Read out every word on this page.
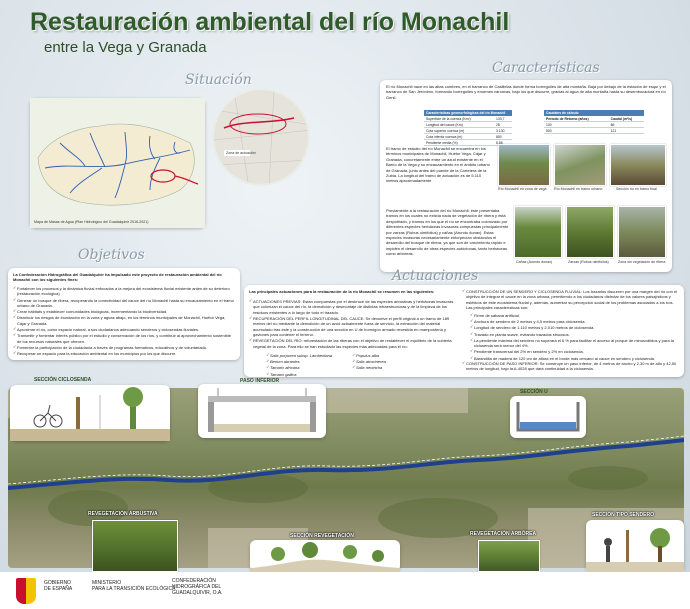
Restauración ambiental del río Monachil
entre la Vega y Granada
Situación
Mapa de Masas de Agua (Plan Hidrológico del Guadalquivir 2016-2021)
Zona de actuación
Características
El río Monachil nace en las altas cumbres, en el barranco de Casillelas donde forma borreguiles de alta montaña. Baja por debajo de la estación de esquí y el barranco de San Jerónimo, formando borreguiles y enormes cárcavas, bajo los que discurre, gracias al agua de alta montaña hasta su desembocadura en río Genil.
Características geomorfológicas del río Monachil	
Superficie de la cuenca (Km²)	133,7
Longitud del cauce (Km)	28
Cota superior cuenca (m)	3.130
Cota inferior cuenca (m)	650
Pendiente media (%)	8,86
Caudales de cálculo	
Periodo de Retorno (años)	Caudal (m³/s)
100	86
500	121
El tramo de estudio del río Monachil se encuentra en los términos municipales de Monachil, Huétor Vega, Cájar y Granada, concretamente entre un azud existente en el Barrio de la Vega y su encauzamiento en el ámbito urbano de Granada, junto antes del puente de la Carretera de la Zubia. La longitud del tramo de actuación es de 5.110 metros aproximadamente
Río Monachil en zona de vega Río Monachil en tramo urbano	Sección río en tramo final
Previamente a la restauración del río Monachil, éste presentaba tramos en los cuales no existía nada de vegetación de ribera y está despoblado, y tramos en los que el río se encontraba colonizado por diferentes especies herbáceas invasoras compuestas principalmente por zarzas (Rubus ulmifolius) y cañas (Arundo donax). Estas especies invasoras necesariamente entorpecían obstáculos el desarrollo del bosque de ribera, ya que son de crecimiento rápido e impiden el desarrollo de otras especies autóctonas, tanto herbáceas como arbóreas.
Cañas (Arundo donax)	Zarzas (Rubus ulmifolius)	Zona sin vegetación de ribera
Objetivos
La Confederación Hidrográfica del Guadalquivir ha impulsado este proyecto de restauración ambiental del río Monachil con los siguientes fines:
✓ Fortalecer los procesos y la dinámica fluvial enfocados a la mejora del ecosistema fluvial existente antes de su deterioro (restauración ecológica)
✓ Generar un bosque de ribera, recuperando la conectividad del cauce del río Monachil hasta su encauzamiento en el tramo urbano de Granada.
✓ Crear hábitats y establecer comunidades biológicas, incrementando la biodiversidad.
✓ Disminuir los riesgos de inundación en la zona y aguas abajo, en los términos municipales de Monachil, Huétor Vega, Cájar y Granada.
✓ Aproximar el río, como espacio natural, a sus ciudadanos adecuando senderos y ciclosendas fluviales.
✓ Transmitir y fomentar interés público por el estudio y conservación de los ríos, y contribuir al aprovechamiento sostenible de los recursos naturales que ofrecen.
✓ Fomentar la participación de la ciudadanía a través de programas formativos, educativos y de voluntariado.
✓ Recuperar un espacio para la educación ambiental en los municipios por los que discurre.
Actuaciones
Las principales actuaciones para la restauración de la río Monachil se resumen en las siguientes:
✓ ACTUACIONES PREVIAS: Están compuestas por el desbroce de las especies arbustivas y herbáceas invasoras que colonizan el cauce del río, la demolición y desmontaje de distintas infraestructuras y de la limpieza de los residuos existentes a lo largo de todo el trazado.
✓ RECUPERACIÓN DEL PERFIL LONGITUDINAL DEL CAUCE: Se devuelve el perfil original a un tramo de 189 metros del río mediante la demolición de un azud actualmente fuera de servicio, la extracción del material acumulado tras éste y la construcción de una sección en U de hormigón armado revestida en mampostería y gaviones para contener el terreno.
✓ REVEGETACIÓN DEL RÍO: reforestación de las riberas con el objetivo de restablecer el equilibrio de la cubierta vegetal de la zona. Para ello se han estudiado las especies más adecuadas para el río:
✓ Salix purpurea subsp. Lambertiana
✓ Berium abrardes
✓ Tamarix africana
✓ Tamarix gallica
✓ Populus alba
✓ Salix atrocinerea
✓ Salix neotricha
✓ CONSTRUCCIÓN DE UN SENDERO Y CICLOSENDA FLUVIAL: Los trazados discurren por una margen del río con el objetivo de integrar el cauce en la zona urbana, permitiendo a los ciudadanos disfrutar de los valores paisajísticos y estéticos de este ecosistema fluvial y, además, aumentar su percepción social de los problemas asociados a los ríos. Las principales características son:
✓ Firme de sábana artificial.
✓ Anchura de sendero de 2 metros y 4,5 metros para ciclosenda.
✓ Longitud de sendero de 1.110 metros y 2.010 metros de ciclosenda.
✓ Trazado en planta suave, evitando trazados sinuosos.
✓ La pendiente máxima del sendero no superará el 6 % para facilitar el acceso al porque de minusválidos y para la ciclosenda será menor del 4%.
✓ Pendiente transversal del 2% en sendero y 2% en ciclosenda.
✓ Barandilla de madera de 120 cm de altura en el borde más cercano al cauce en sendero y ciclosenda.
✓ CONSTRUCCIÓN DE PASO INFERIOR: Se construye un paso inferior, de 4 metros de ancho y 2,30 m de alto y 42,50 metros de longitud, bajo la A-4028 que dará continuidad a la ciclosenda.
SECCIÓN CICLOSENDA	PASO INFERIOR
SECCIÓN U
REVEGETACIÓN ARBUSTIVA
SECCIÓN REVEGETACIÓN	REVEGETACIÓN ARBÓREA
SECCIÓN TIPO SENDERO
GOBIERNO
DE ESPAÑA
MINISTERIO
PARA LA TRANSICIÓN ECOLÓGICA
CONFEDERACIÓN
HIDROGRÁFICA DEL
GUADALQUIVIR, O.A.
